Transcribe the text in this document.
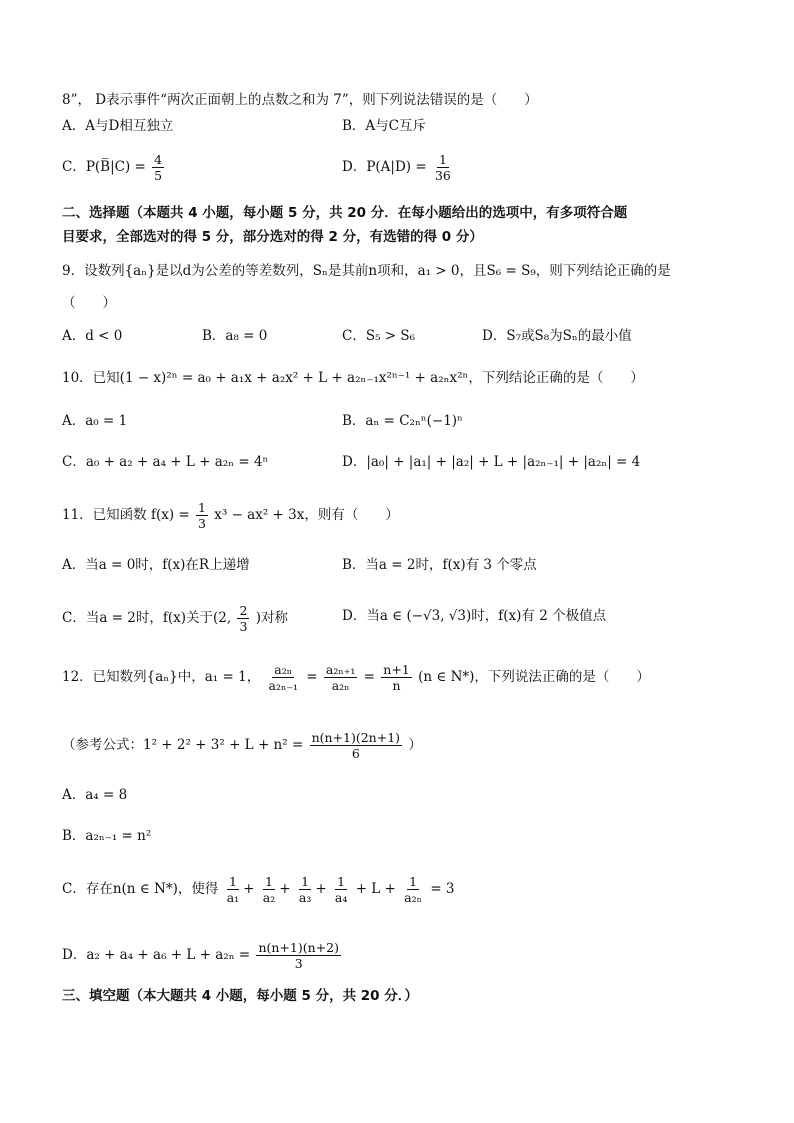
8”， D表示事件“两次正面朝上的点数之和为 7”，则下列说法错误的是（　　）
A．A与D相互独立	B．A与C互斥
C．P(B̅|C) = $\frac{4}{5}$	D．$P(A|D) = \frac{1}{36}$
二、选择题（本题共 4 小题，每小题 5 分，共 20 分．在每小题给出的选项中，有多项符合题
目要求，全部选对的得 5 分，部分选对的得 2 分，有选错的得 0 分）
9．设数列{aₙ}是以d为公差的等差数列，Sₙ是其前n项和，a₁ > 0，且S₆ = S₉，则下列结论正确的是
（　　）
A．d < 0	B．a₈ = 0	C．S₅ > S₆	D．S₇或S₈为Sₙ的最小值
10．已知(1 − x)²ⁿ = a₀ + a₁x + a₂x² + L + a₂ₙ₋₁x²ⁿ⁻¹ + a₂ₙx²ⁿ，下列结论正确的是（　　）
A．a₀ = 1	B．aₙ = C₂ₙⁿ(−1)ⁿ
C．a₀ + a₂ + a₄ + L + a₂ₙ = 4ⁿ	D．|a₀| + |a₁| + |a₂| + L + |a₂ₙ₋₁| + |a₂ₙ| = 4
11．已知函数 $f(x) = \frac{1}{3} x^3 - ax^2 + 3x$，则有（　　）
A．当a = 0时，f(x)在R上递增	B．当a = 2时，f(x)有 3 个零点
C．当a = 2时，f(x)关于(2, $\frac{2}{3}$ )对称	D．当a ∈ (−√3, √3)时，f(x)有 2 个极值点
12．已知数列{aₙ}中，a₁ = 1， $\frac{\text{a₂ₙ}}{\text{a₂ₙ₋₁}} = \frac{\text{a₂ₙ₊₁}}{\text{a₂ₙ}} = \frac{n+1}{n} (n$ ∈ N*)，下列说法正确的是（　　）
（参考公式：$1^2 + 2^2 + 3^2 + L + n^2 = \frac{n(n+1)(2n+1)}{6}$ ）
A．a₄ = 8
B．a₂ₙ₋₁ = n²
C．存在n(n ∈ N*)，使得 $\frac{1}{\text{a₁}} + \frac{1}{\text{a₂}} + \frac{1}{\text{a₃}} + \frac{1}{\text{a₄}} + L + \frac{1}{\text{a₂ₙ}} = 3$
D．$a_2 + a_4 + a_6 + L + a_{2n} = \frac{n(n+1)(n+2)}{3}$
三、填空题（本大题共 4 小题，每小题 5 分，共 20 分．）
